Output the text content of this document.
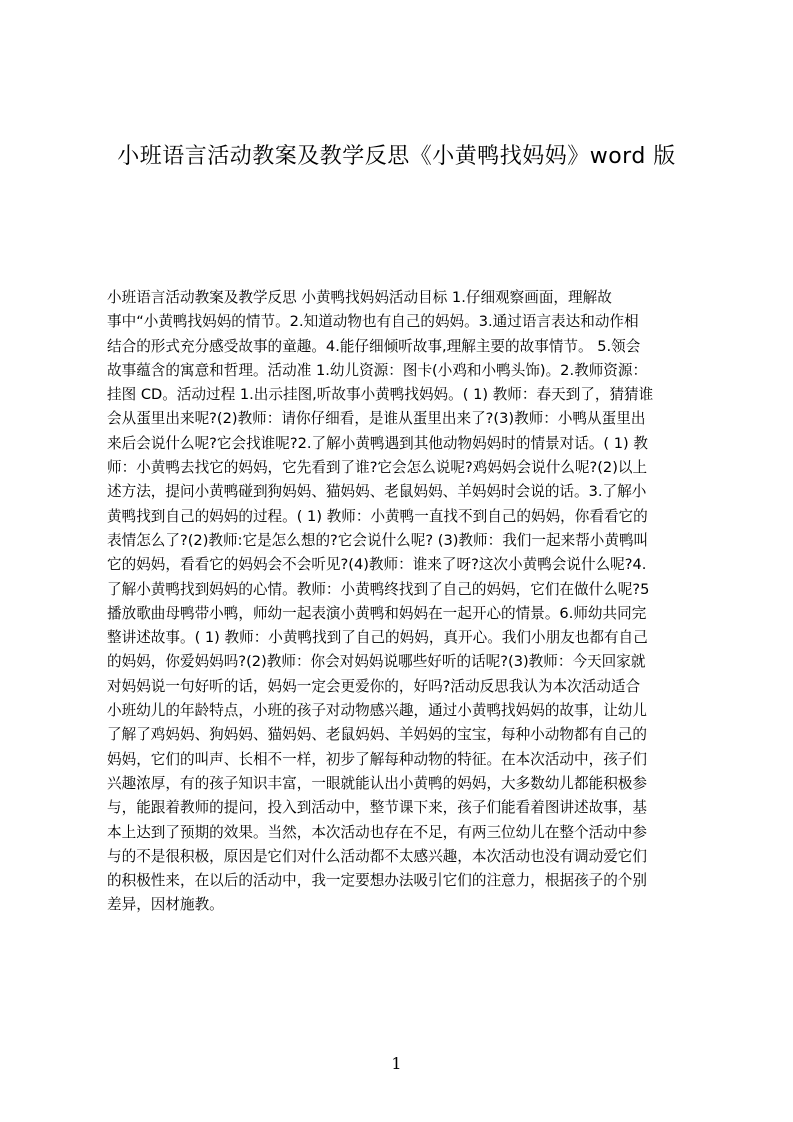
小班语言活动教案及教学反思《小黄鸭找妈妈》word 版
小班语言活动教案及教学反思 小黄鸭找妈妈活动目标 1.仔细观察画面，理解故
事中“小黄鸭找妈妈的情节。2.知道动物也有自己的妈妈。3.通过语言表达和动作相
结合的形式充分感受故事的童趣。4.能仔细倾听故事,理解主要的故事情节。 5.领会
故事蕴含的寓意和哲理。活动准 1.幼儿资源：图卡(小鸡和小鸭头饰)。2.教师资源：
挂图 CD。活动过程 1.出示挂图,听故事小黄鸭找妈妈。( 1) 教师：春天到了，猜猜谁
会从蛋里出来呢?(2)教师：请你仔细看，是谁从蛋里出来了?(3)教师：小鸭从蛋里出
来后会说什么呢?它会找谁呢?2.了解小黄鸭遇到其他动物妈妈时的情景对话。( 1) 教
师：小黄鸭去找它的妈妈，它先看到了谁?它会怎么说呢?鸡妈妈会说什么呢?(2)以上
述方法，提问小黄鸭碰到狗妈妈、猫妈妈、老鼠妈妈、羊妈妈时会说的话。3.了解小
黄鸭找到自己的妈妈的过程。( 1) 教师：小黄鸭一直找不到自己的妈妈，你看看它的
表情怎么了?(2)教师:它是怎么想的?它会说什么呢? (3)教师：我们一起来帮小黄鸭叫
它的妈妈，看看它的妈妈会不会听见?(4)教师：谁来了呀?这次小黄鸭会说什么呢?4.
了解小黄鸭找到妈妈的心情。教师：小黄鸭终找到了自己的妈妈，它们在做什么呢?5
播放歌曲母鸭带小鸭，师幼一起表演小黄鸭和妈妈在一起开心的情景。6.师幼共同完
整讲述故事。( 1) 教师：小黄鸭找到了自己的妈妈，真开心。我们小朋友也都有自己
的妈妈，你爱妈妈吗?(2)教师：你会对妈妈说哪些好听的话呢?(3)教师：今天回家就
对妈妈说一句好听的话，妈妈一定会更爱你的，好吗?活动反思我认为本次活动适合
小班幼儿的年龄特点，小班的孩子对动物感兴趣，通过小黄鸭找妈妈的故事，让幼儿
了解了鸡妈妈、狗妈妈、猫妈妈、老鼠妈妈、羊妈妈的宝宝，每种小动物都有自己的
妈妈，它们的叫声、长相不一样，初步了解每种动物的特征。在本次活动中，孩子们
兴趣浓厚，有的孩子知识丰富，一眼就能认出小黄鸭的妈妈，大多数幼儿都能积极参
与，能跟着教师的提问，投入到活动中，整节课下来，孩子们能看着图讲述故事，基
本上达到了预期的效果。当然，本次活动也存在不足，有两三位幼儿在整个活动中参
与的不是很积极，原因是它们对什么活动都不太感兴趣，本次活动也没有调动爱它们
的积极性来，在以后的活动中，我一定要想办法吸引它们的注意力，根据孩子的个别
差异，因材施教。
1
